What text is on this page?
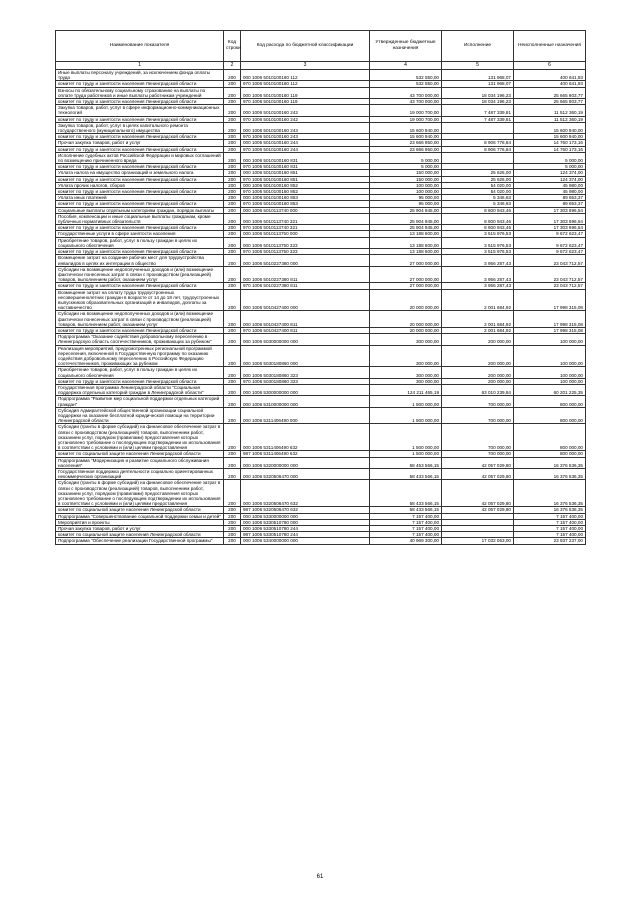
Наименование показателя	Код строки	Код расхода по бюджетной классификации	Утвержденные бюджетные назначения	Исполнение	Неисполненные назначения
1	2	3	4	5	6
Иные выплаты персоналу учреждений, за исключением фонда оплаты труда	200	000 1006 5010100160 112	532 550,00	131 968,07	400 641,93
комитет по труду и занятости населения Ленинградской области	200	970 1006 5010100160 112	532 550,00	131 968,07	400 641,93
Взносы по обязательному социальному страхованию на выплаты по оплате труда работников и иные выплаты работникам учреждений	200	000 1006 5010100160 119	43 700 000,00	18 034 196,23	25 665 803,77
комитет по труду и занятости населения Ленинградской области	200	970 1006 5010100160 119	43 700 000,00	18 034 196,23	25 665 803,77
Закупка товаров, работ, услуг в сфере информационно-коммуникационных технологий	200	000 1006 5010100160 242	19 000 700,00	7 487 339,81	11 512 360,19
комитет по труду и занятости населения Ленинградской области	200	970 1006 5010100160 242	19 000 700,00	7 487 339,81	11 512 360,19
Закупка товаров, работ, услуг в целях капитального ремонта государственного (муниципального) имущества	200	000 1006 5010100160 243	15 600 940,00		15 600 940,00
комитет по труду и занятости населения Ленинградской области	200	970 1006 5010100160 243	15 600 940,00		15 600 940,00
Прочая закупка товаров, работ и услуг	200	000 1006 5010100160 244	23 666 950,00	8 906 776,84	14 760 173,16
комитет по труду и занятости населения Ленинградской области	200	970 1006 5010100160 244	23 666 950,00	8 906 776,84	14 760 173,16
Исполнение судебных актов Российской Федерации и мировых соглашений по возмещению причиненного вреда	200	000 1006 5010100160 831	5 000,00		5 000,00
комитет по труду и занятости населения Ленинградской области	200	970 1006 5010100160 831	5 000,00		5 000,00
Уплата налога на имущество организаций и земельного налога	200	000 1006 5010100160 851	150 000,00	25 626,00	124 374,00
комитет по труду и занятости населения Ленинградской области	200	970 1006 5010100160 851	150 000,00	25 626,00	124 374,00
Уплата прочих налогов, сборов	200	000 1006 5010100160 852	100 000,00	54 020,00	45 980,00
комитет по труду и занятости населения Ленинградской области	200	970 1006 5010100160 852	100 000,00	54 020,00	45 980,00
Уплата иных платежей	200	000 1006 5010100160 853	95 000,00	5 346,63	89 653,37
комитет по труду и занятости населения Ленинградской области	200	970 1006 5010100160 853	95 000,00	5 346,63	89 653,37
Социальные выплаты отдельным категориям граждан, порядок выплаты	200	000 1006 5010113740 000	25 904 945,00	8 600 943,46	17 303 696,54
Пособия, компенсации и иные социальные выплаты гражданам, кроме публичных нормативных обязательств	200	000 1006 5010113740 321	25 904 945,00	8 600 943,46	17 303 696,54
комитет по труду и занятости населения Ленинградской области	200	970 1006 5010113740 321	25 904 945,00	8 600 943,46	17 303 696,54
Государственные услуги в сфере занятости населения	200	000 1006 5010113750 000	13 188 600,00	3 515 976,53	9 672 623,47
Приобретение товаров, работ, услуг в пользу граждан в целях их социального обеспечения	200	000 1006 5010113750 323	13 188 600,00	3 515 976,53	9 672 623,47
комитет по труду и занятости населения Ленинградской области	200	970 1006 5010113750 323	13 188 600,00	3 515 976,53	9 672 623,47
Возмещение затрат на создание рабочих мест для трудоустройства инвалидов в целях их интеграции в общество	200	000 1006 5010227380 000	27 000 000,00	3 956 287,43	23 043 712,57
Субсидии на возмещение недополученных доходов и (или) возмещение фактически понесенных затрат в связи с производством (реализацией) товаров, выполнением работ, оказанием услуг	200	000 1006 5010227380 811	27 000 000,00	3 956 287,43	23 043 712,57
комитет по труду и занятости населения Ленинградской области	200	970 1006 5010227380 811	27 000 000,00	3 956 287,43	23 043 712,57
Возмещение затрат на оплату труда трудоустроенных несовершеннолетних граждан в возрасте от 14 до 18 лет, трудоустроенных выпускников образовательных организаций и инвалидов, доплаты за наставничество	200	000 1006 5010427400 000	20 000 000,00	2 001 684,92	17 998 315,08
Субсидии на возмещение недополученных доходов и (или) возмещение фактически понесенных затрат в связи с производством (реализацией) товаров, выполнением работ, оказанием услуг	200	000 1006 5010427400 811	20 000 000,00	2 001 684,92	17 998 315,08
комитет по труду и занятости населения Ленинградской области	200	970 1006 5010427400 811	20 000 000,00	2 001 684,92	17 998 315,08
Подпрограмма "Оказание содействия добровольному переселению в Ленинградскую область соотечественников, проживающих за рубежом"	200	000 1006 5030000000 000	300 000,00	200 000,00	100 000,00
Реализация мероприятий, предусмотренных региональной программой переселения, включенной в Государственную программу по оказанию содействия добровольному переселению в Российскую Федерацию соотечественников, проживающих за рубежом	200	000 1006 5030180860 000	300 000,00	200 000,00	100 000,00
Приобретение товаров, работ, услуг в пользу граждан в целях их социального обеспечения	200	000 1006 5030180860 323	300 000,00	200 000,00	100 000,00
комитет по труду и занятости населения Ленинградской области	200	970 1006 5030180860 323	300 000,00	200 000,00	100 000,00
Государственная программа Ленинградской области "Социальная поддержка отдельных категорий граждан в Ленинградской области"	200	000 1006 5300000000 000	124 211 465,19	63 010 239,84	60 201 225,35
Подпрограмма "Развитие мер социальной поддержки отдельных категорий граждан"	200	000 1006 5310000000 000	1 500 000,00	700 000,00	800 000,00
Субсидия Адмиралтейской общественной организации социальной поддержки на оказание бесплатной юридической помощи на территории Ленинградской области	200	000 1006 5311406490 000	1 500 000,00	700 000,00	800 000,00
Субсидии (гранты в форме субсидий) на финансовое обеспечение затрат в связи с производством (реализацией) товаров, выполнением работ, оказанием услуг, порядком (правилами) предоставления которых установлено требование о последующем подтверждении их использования в соответствии с условиями и (или) целями предоставления	200	000 1006 5311406490 632	1 500 000,00	700 000,00	800 000,00
комитет по социальной защите населения Ленинградской области	200	987 1006 5311406490 632	1 500 000,00	700 000,00	800 000,00
Подпрограмма "Модернизация и развитие социального обслуживания населения"	200	000 1006 5320000000 000	58 453 566,15	42 057 029,80	16 376 536,35
Государственная поддержка деятельности социально ориентированных некоммерческих организаций	200	000 1006 5320506470 000	58 433 566,15	42 057 029,80	16 376 536,35
Субсидии (гранты в форме субсидий) на финансовое обеспечение затрат в связи с производством (реализацией) товаров, выполнением работ, оказанием услуг, порядком (правилами) предоставления которых установлено требование о последующем подтверждении их использования в соответствии с условиями и (или) целями предоставления	200	000 1006 5320506470 632	58 433 566,15	42 057 029,80	16 376 536,35
комитет по социальной защите населения Ленинградской области	200	987 1006 5320506470 632	58 433 566,15	42 057 029,80	16 376 536,35
Подпрограмма "Совершенствование социальной поддержки семьи и детей"	200	000 1006 5330000000 000	7 157 400,00		7 157 400,00
Мероприятия и проекты	200	000 1006 5330510780 000	7 157 400,00		7 157 400,00
Прочая закупка товаров, работ и услуг	200	000 1006 5330510780 244	7 157 400,00		7 157 400,00
комитет по социальной защите населения Ленинградской области	200	987 1006 5330510780 244	7 157 400,00		7 157 400,00
Подпрограмма "Обеспечение реализации Государственной программы"	200	000 1006 5340000000 000	40 969 300,00	17 032 063,00	23 937 237,00
61
